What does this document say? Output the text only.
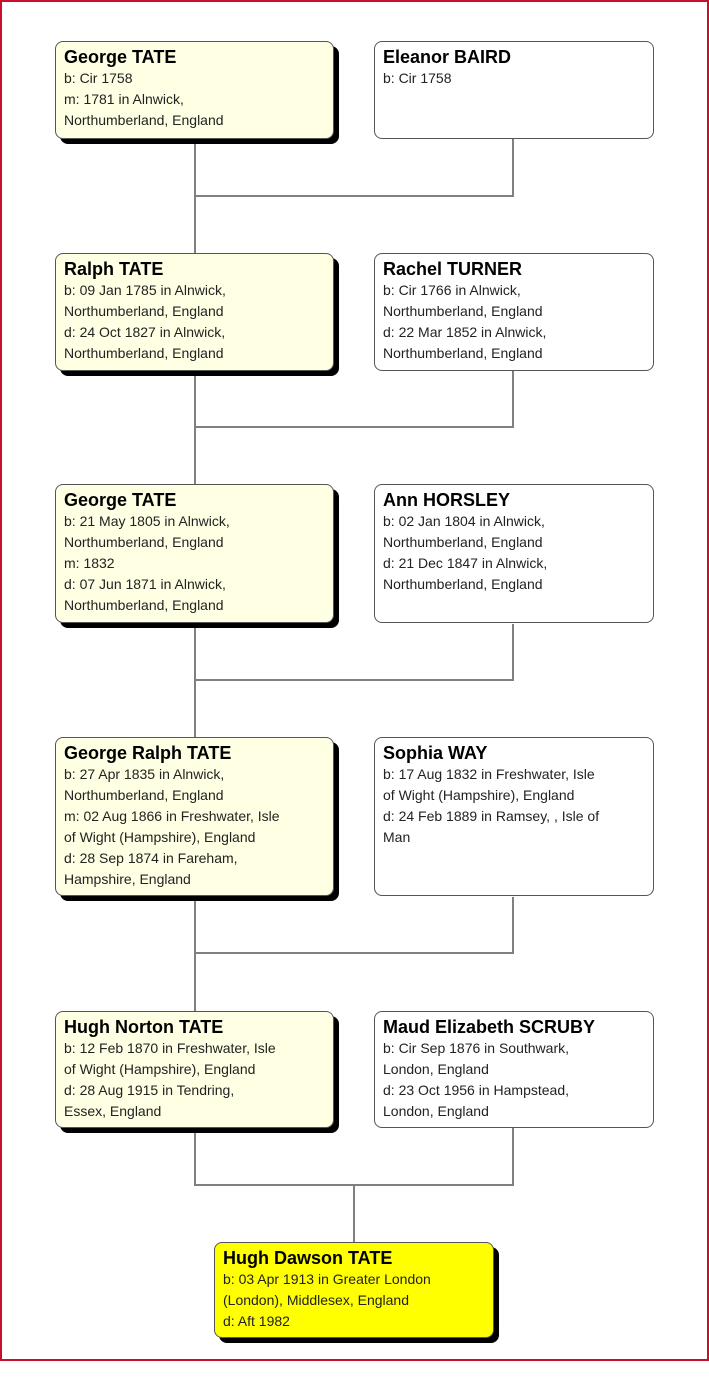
George TATE
b: Cir 1758
m: 1781 in Alnwick,
Northumberland, England
Eleanor BAIRD
b: Cir 1758
Ralph TATE
b: 09 Jan 1785 in Alnwick,
Northumberland, England
d: 24 Oct 1827 in Alnwick,
Northumberland, England
Rachel TURNER
b: Cir 1766 in Alnwick,
Northumberland, England
d: 22 Mar 1852 in Alnwick,
Northumberland, England
George TATE
b: 21 May 1805 in Alnwick,
Northumberland, England
m: 1832
d: 07 Jun 1871 in Alnwick,
Northumberland, England
Ann HORSLEY
b: 02 Jan 1804 in Alnwick,
Northumberland, England
d: 21 Dec 1847 in Alnwick,
Northumberland, England
George Ralph TATE
b: 27 Apr 1835 in Alnwick,
Northumberland, England
m: 02 Aug 1866 in Freshwater, Isle
of Wight (Hampshire), England
d: 28 Sep 1874 in Fareham,
Hampshire, England
Sophia WAY
b: 17 Aug 1832 in Freshwater, Isle
of Wight (Hampshire), England
d: 24 Feb 1889 in Ramsey, , Isle of
Man
Hugh Norton TATE
b: 12 Feb 1870 in Freshwater, Isle
of Wight (Hampshire), England
d: 28 Aug 1915 in Tendring,
Essex, England
Maud Elizabeth SCRUBY
b: Cir Sep 1876 in Southwark,
London, England
d: 23 Oct 1956 in Hampstead,
London, England
Hugh Dawson TATE
b: 03 Apr 1913 in Greater London
(London), Middlesex, England
d: Aft 1982
